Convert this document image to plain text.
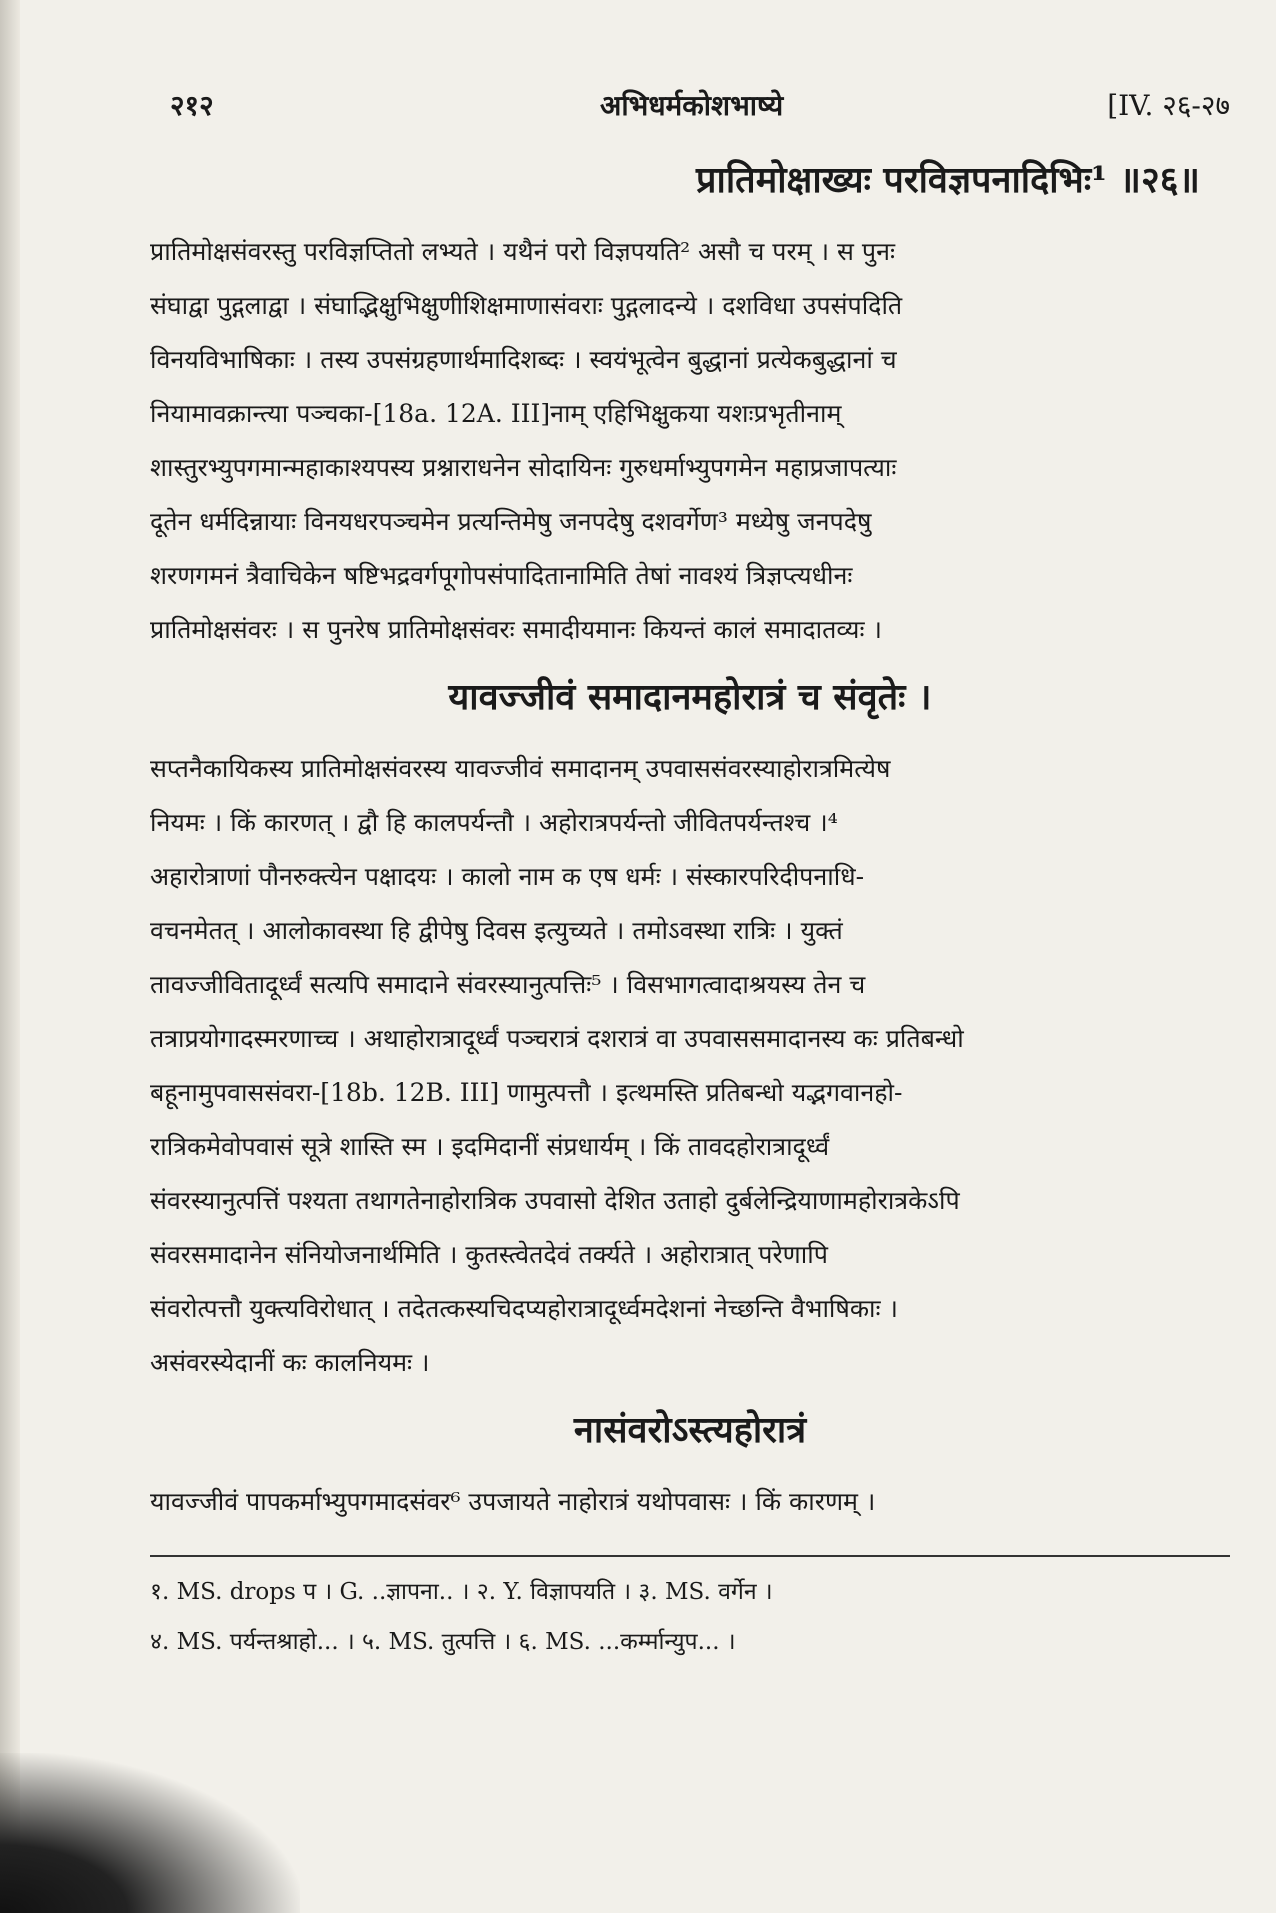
२१२	अभिधर्मकोशभाष्ये	[IV. २६-२७
प्रातिमोक्षाख्यः परविज्ञपनादिभिः¹ ॥२६॥

प्रातिमोक्षसंवरस्तु परविज्ञप्तितो लभ्यते । यथैनं परो विज्ञपयति² असौ च परम् । स पुनः

संघाद्वा पुद्गलाद्वा । संघाद्भिक्षुभिक्षुणीशिक्षमाणासंवराः पुद्गलादन्ये । दशविधा उपसंपदिति

विनयविभाषिकाः । तस्य उपसंग्रहणार्थमादिशब्दः । स्वयंभूत्वेन बुद्धानां प्रत्येकबुद्धानां च

नियामावक्रान्त्या पञ्चका-[18a. 12A. III]नाम् एहिभिक्षुकया यशःप्रभृतीनाम्

शास्तुरभ्युपगमान्महाकाश्यपस्य प्रश्नाराधनेन सोदायिनः गुरुधर्माभ्युपगमेन महाप्रजापत्याः

दूतेन धर्मदिन्नायाः विनयधरपञ्चमेन प्रत्यन्तिमेषु जनपदेषु दशवर्गेण³ मध्येषु जनपदेषु

शरणगमनं त्रैवाचिकेन षष्टिभद्रवर्गपूगोपसंपादितानामिति तेषां नावश्यं त्रिज्ञप्त्यधीनः

प्रातिमोक्षसंवरः । स पुनरेष प्रातिमोक्षसंवरः समादीयमानः कियन्तं कालं समादातव्यः ।

यावज्जीवं समादानमहोरात्रं च संवृतेः ।

सप्तनैकायिकस्य प्रातिमोक्षसंवरस्य यावज्जीवं समादानम् उपवाससंवरस्याहोरात्रमित्येष

नियमः । किं कारणत् । द्वौ हि कालपर्यन्तौ । अहोरात्रपर्यन्तो जीवितपर्यन्तश्च ।⁴

अहारोत्राणां पौनरुक्त्येन पक्षादयः । कालो नाम क एष धर्मः । संस्कारपरिदीपनाधि-

वचनमेतत् । आलोकावस्था हि द्वीपेषु दिवस इत्युच्यते । तमोऽवस्था रात्रिः । युक्तं

तावज्जीवितादूर्ध्वं सत्यपि समादाने संवरस्यानुत्पत्तिः⁵ । विसभागत्वादाश्रयस्य तेन च

तत्राप्रयोगादस्मरणाच्च । अथाहोरात्रादूर्ध्वं पञ्चरात्रं दशरात्रं वा उपवाससमादानस्य कः प्रतिबन्धो

बहूनामुपवाससंवरा-[18b. 12B. III] णामुत्पत्तौ । इत्थमस्ति प्रतिबन्धो यद्भगवानहो-

रात्रिकमेवोपवासं सूत्रे शास्ति स्म । इदमिदानीं संप्रधार्यम् । किं तावदहोरात्रादूर्ध्वं

संवरस्यानुत्पत्तिं पश्यता तथागतेनाहोरात्रिक उपवासो देशित उताहो दुर्बलेन्द्रियाणामहोरात्रकेऽपि

संवरसमादानेन संनियोजनार्थमिति । कुतस्त्वेतदेवं तर्क्यते । अहोरात्रात् परेणापि

संवरोत्पत्तौ युक्त्यविरोधात् । तदेतत्कस्यचिदप्यहोरात्रादूर्ध्वमदेशनां नेच्छन्ति वैभाषिकाः ।

असंवरस्येदानीं कः कालनियमः ।

नासंवरोऽस्त्यहोरात्रं

यावज्जीवं पापकर्माभ्युपगमादसंवर⁶ उपजायते नाहोरात्रं यथोपवासः । किं कारणम् ।

१. MS. drops प । G. ..ज्ञापना.. । २. Y. विज्ञापयति । ३. MS. वर्गेन ।

४. MS. पर्यन्तश्राहो... । ५. MS. तुत्पत्ति । ६. MS. ...कर्म्मान्युप... ।
